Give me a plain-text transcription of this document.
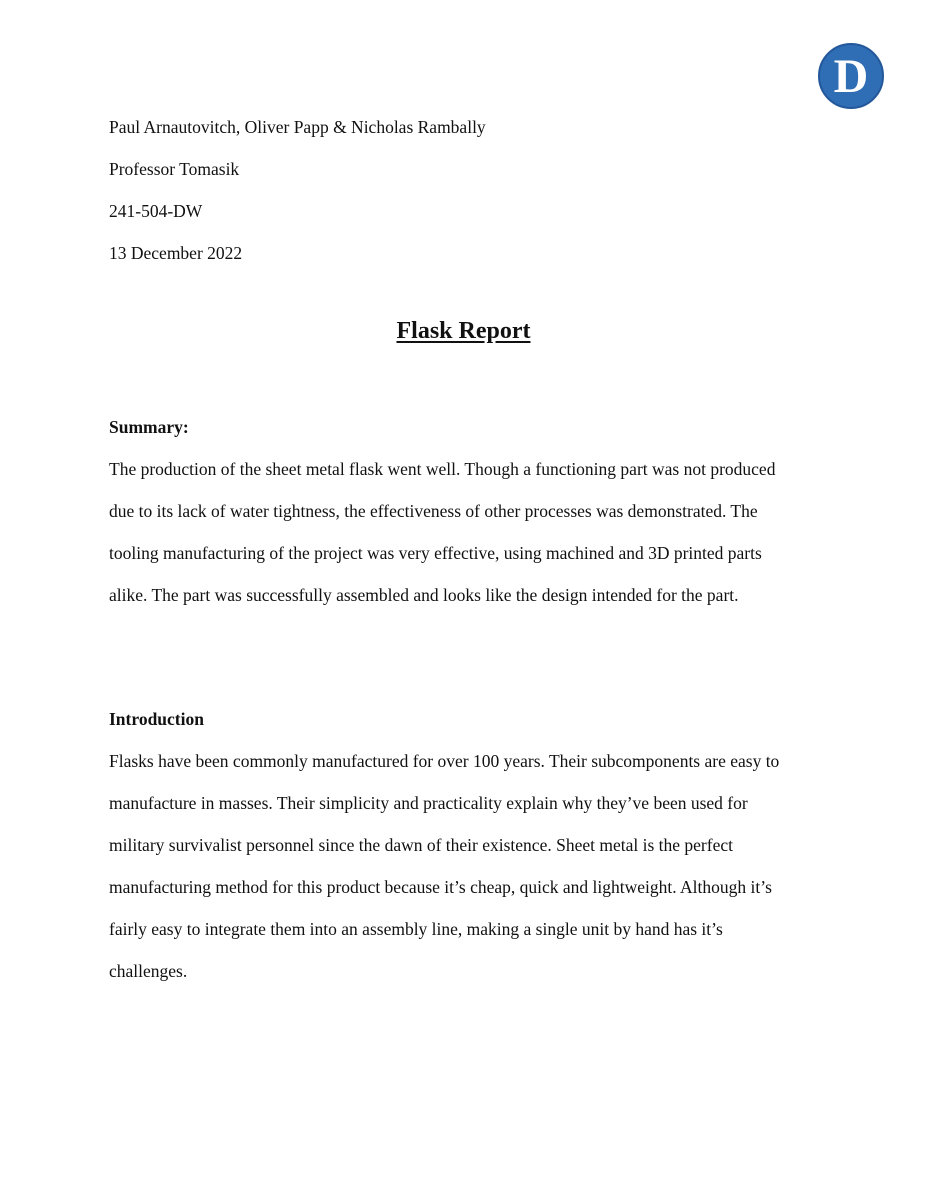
D
Paul Arnautovitch, Oliver Papp & Nicholas Rambally
Professor Tomasik
241-504-DW
13 December 2022
Flask Report
Summary:

The production of the sheet metal flask went well. Though a functioning part was not produced
due to its lack of water tightness, the effectiveness of other processes was demonstrated. The
tooling manufacturing of the project was very effective, using machined and 3D printed parts
alike. The part was successfully assembled and looks like the design intended for the part.

Introduction

Flasks have been commonly manufactured for over 100 years. Their subcomponents are easy to
manufacture in masses. Their simplicity and practicality explain why they’ve been used for
military survivalist personnel since the dawn of their existence. Sheet metal is the perfect
manufacturing method for this product because it’s cheap, quick and lightweight. Although it’s
fairly easy to integrate them into an assembly line, making a single unit by hand has it’s
challenges.
